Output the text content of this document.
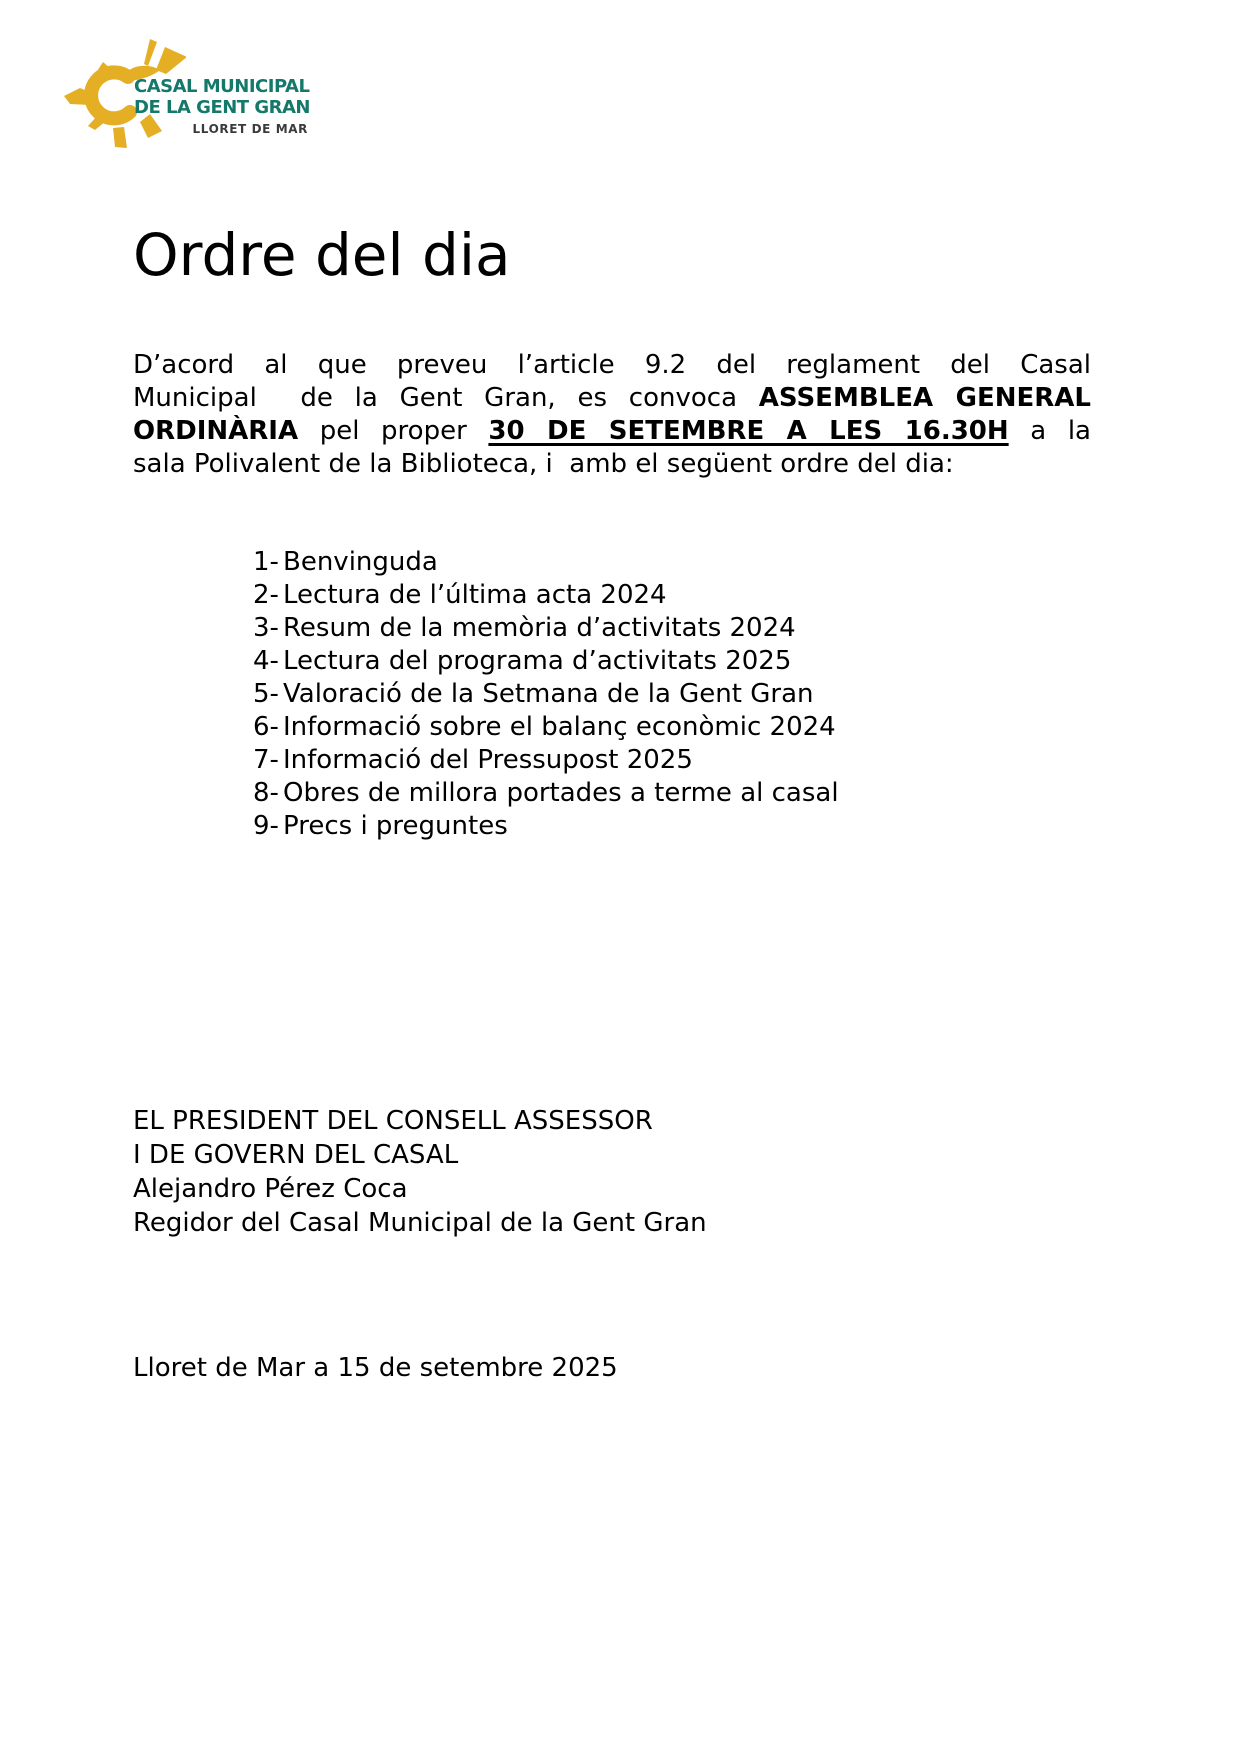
CASAL MUNICIPAL
DE LA GENT GRAN
LLORET DE MAR
Ordre del dia
D’acord al que preveu l’article 9.2 del reglament del Casal
Municipal  de la Gent Gran, es convoca ASSEMBLEA GENERAL
ORDINÀRIA pel proper 30 DE SETEMBRE A LES 16.30H a la
sala Polivalent de la Biblioteca, i  amb el següent ordre del dia:
1- Benvinguda
2- Lectura de l’última acta 2024
3- Resum de la memòria d’activitats 2024
4- Lectura del programa d’activitats 2025
5- Valoració de la Setmana de la Gent Gran
6- Informació sobre el balanç econòmic 2024
7- Informació del Pressupost 2025
8- Obres de millora portades a terme al casal
9- Precs i preguntes
EL PRESIDENT DEL CONSELL ASSESSOR
I DE GOVERN DEL CASAL
Alejandro Pérez Coca
Regidor del Casal Municipal de la Gent Gran
Lloret de Mar a 15 de setembre 2025
